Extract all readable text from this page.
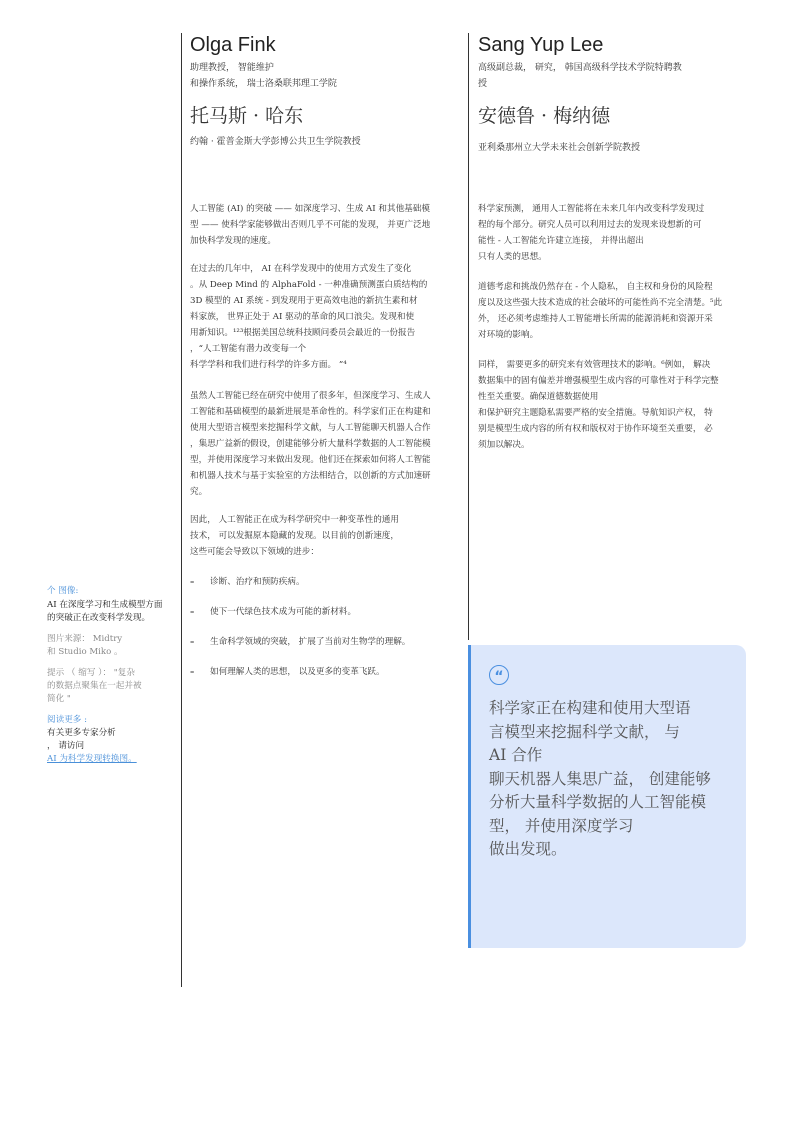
Olga Fink
助理教授， 智能维护
和操作系统， 瑞士洛桑联邦理工学院
Sang Yup Lee
高级副总裁， 研究， 韩国高级科学技术学院特聘教
授
托马斯 · 哈东
约翰 · 霍普金斯大学彭博公共卫生学院教授
安德鲁 · 梅纳德
亚利桑那州立大学未来社会创新学院教授

人工智能 (AI) 的突破 —— 如深度学习、生成 AI 和其他基础模
型 —— 使科学家能够做出否则几乎不可能的发现， 并更广泛地
加快科学发现的速度。

在过去的几年中， AI 在科学发现中的使用方式发生了变化
。从 Deep Mind 的 AlphaFold - 一种准确预测蛋白质结构的
3D 模型的 AI 系统 - 到发现用于更高效电池的新抗生素和材
料家族， 世界正处于 AI 驱动的革命的风口浪尖。发现和使
用新知识。¹²³根据美国总统科技顾问委员会最近的一份报告
，“人工智能有潜力改变每一个
科学学科和我们进行科学的许多方面。 ”⁴

虽然人工智能已经在研究中使用了很多年，但深度学习、生成人
工智能和基础模型的最新进展是革命性的。科学家们正在构建和
使用大型语言模型来挖掘科学文献，与人工智能聊天机器人合作
，集思广益新的假设，创建能够分析大量科学数据的人工智能模
型，并使用深度学习来做出发现。他们还在探索如何将人工智能
和机器人技术与基于实验室的方法相结合，以创新的方式加速研
究。

因此， 人工智能正在成为科学研究中一种变革性的通用
技术， 可以发掘原本隐藏的发现。以目前的创新速度，
这些可能会导致以下领域的进步：

– 诊断、治疗和预防疾病。
– 使下一代绿色技术成为可能的新材料。
– 生命科学领域的突破， 扩展了当前对生物学的理解。
– 如何理解人类的思想， 以及更多的变革飞跃。

科学家预测， 通用人工智能将在未来几年内改变科学发现过
程的每个部分。研究人员可以利用过去的发现来设想新的可
能性 - 人工智能允许建立连接， 并得出超出
只有人类的思想。

道德考虑和挑战仍然存在 - 个人隐私， 自主权和身份的风险程
度以及这些强大技术造成的社会破坏的可能性尚不完全清楚。⁵此
外， 还必须考虑维持人工智能增长所需的能源消耗和资源开采
对环境的影响。

同样， 需要更多的研究来有效管理技术的影响。⁶例如， 解决
数据集中的固有偏差并增强模型生成内容的可靠性对于科学完整
性至关重要。确保道德数据使用
和保护研究主题隐私需要严格的安全措施。导航知识产权， 特
别是模型生成内容的所有权和版权对于协作环境至关重要， 必
须加以解决。

个 图像:
AI 在深度学习和生成模型方面
的突破正在改变科学发现。
图片来源： Midtry
和 Studio Miko 。
提示 （ 缩写 ）： "复杂
的数据点聚集在一起并被
简化 "
阅读更多 :
有关更多专家分析
， 请访问
AI 为科学发现转换图。
“
科学家正在构建和使用大型语
言模型来挖掘科学文献， 与
AI 合作
聊天机器人集思广益， 创建能够
分析大量科学数据的人工智能模
型， 并使用深度学习
做出发现。
